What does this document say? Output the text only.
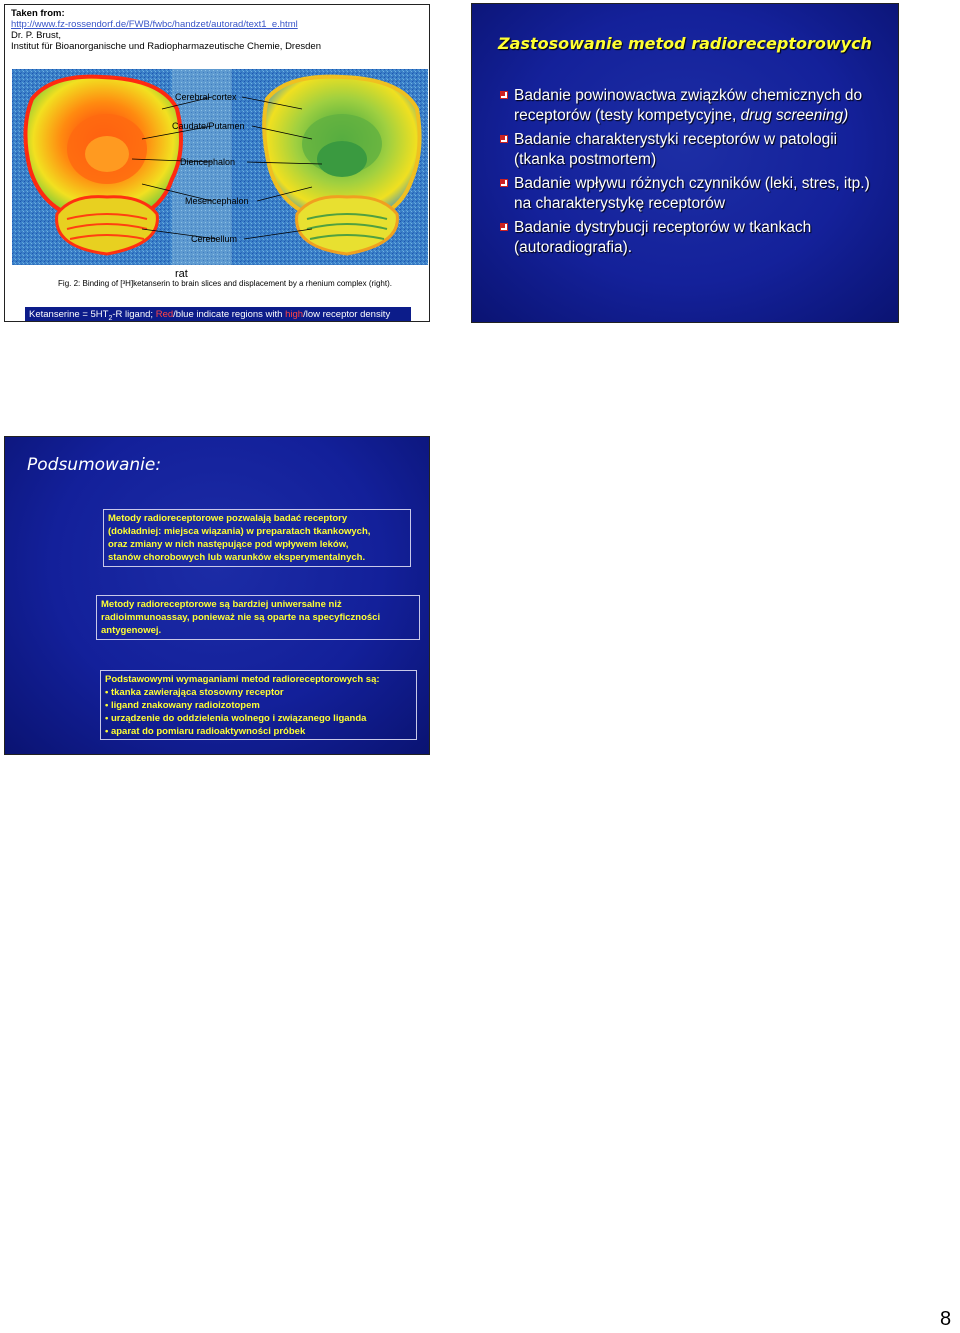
Taken from:
http://www.fz-rossendorf.de/FWB/fwbc/handzet/autorad/text1_e.html
Dr. P. Brust,
Institut für Bioanorganische und Radiopharmazeutische Chemie, Dresden
Cerebral cortex
Caudate/Putamen
Diencephalon
Mesencephalon
Cerebellum
rat
Fig. 2: Binding of [³H]ketanserin to brain slices and displacement by a rhenium complex (right).
Ketanserine = $5HT_2-R$ ligand; Red/blue indicate regions with high/low receptor density
Zastosowanie metod radioreceptorowych
Badanie powinowactwa związków chemicznych do receptorów (testy kompetycyjne, drug screening)
Badanie charakterystyki receptorów w patologii (tkanka postmortem)
Badanie wpływu różnych czynników (leki, stres, itp.) na charakterystykę receptorów
Badanie dystrybucji receptorów w tkankach (autoradiografia).
Podsumowanie:
Metody radioreceptorowe pozwalają badać receptory
(dokładniej: miejsca wiązania) w preparatach tkankowych,
oraz zmiany w nich następujące pod wpływem leków,
stanów chorobowych lub warunków eksperymentalnych.
Metody radioreceptorowe są bardziej uniwersalne niż
radioimmunoassay, ponieważ nie są oparte na specyficzności
antygenowej.
Podstawowymi wymaganiami metod radioreceptorowych są:
• tkanka zawierająca stosowny receptor
• ligand znakowany radioizotopem
• urządzenie do oddzielenia wolnego i związanego liganda
• aparat do pomiaru radioaktywności próbek
8
